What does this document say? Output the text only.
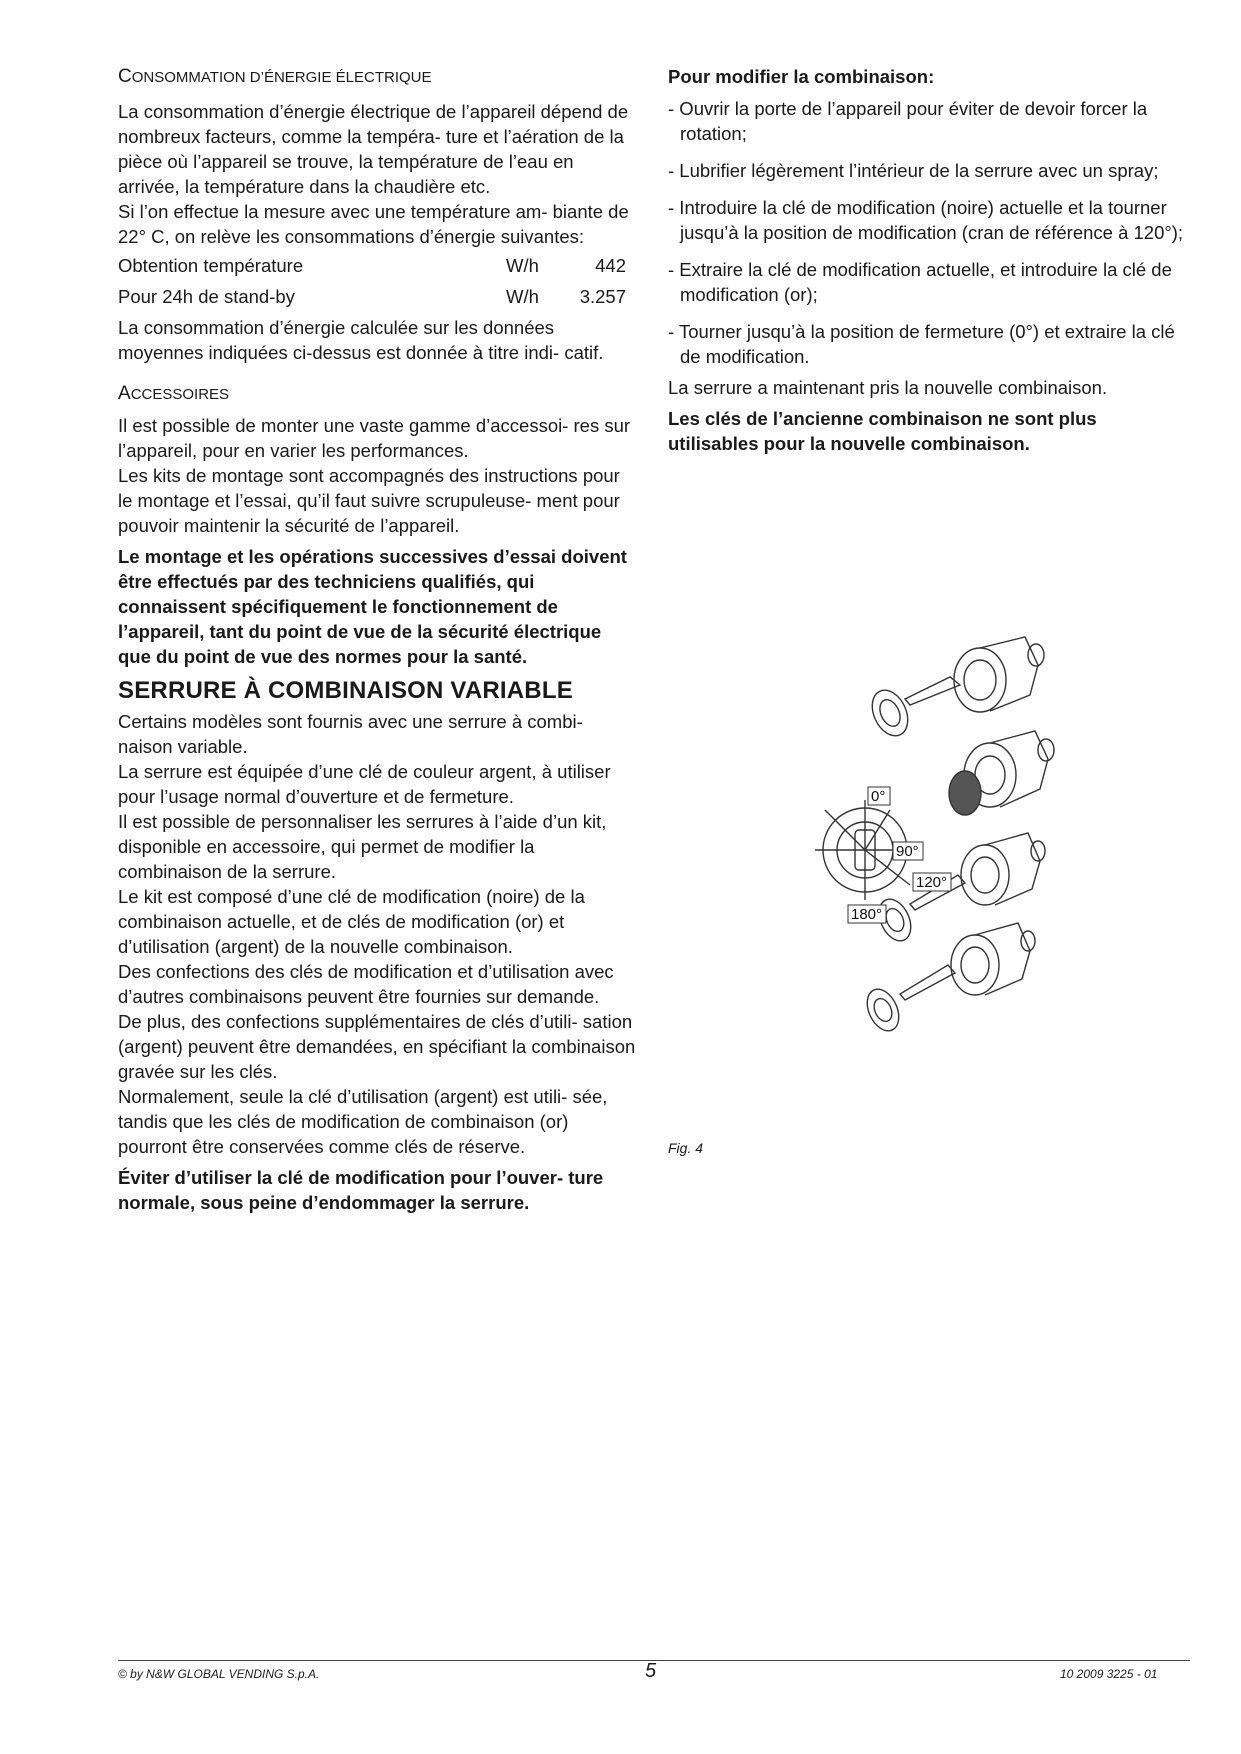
CONSOMMATION D’ÉNERGIE ÉLECTRIQUE

La consommation d’énergie électrique de l’appareil dépend de nombreux facteurs, comme la tempéra- ture et l’aération de la pièce où l’appareil se trouve, la température de l’eau en arrivée, la température dans la chaudière etc.

Si l’on effectue la mesure avec une température am- biante de 22° C, on relève les consommations d’énergie suivantes:

Obtention température	W/h	442
Pour 24h de stand-by	W/h	3.257

La consommation d’énergie calculée sur les données moyennes indiquées ci-dessus est donnée à titre indi- catif.

ACCESSOIRES

Il est possible de monter une vaste gamme d’accessoi- res sur l’appareil, pour en varier les performances.

Les kits de montage sont accompagnés des instructions pour le montage et l’essai, qu’il faut suivre scrupuleuse- ment pour pouvoir maintenir la sécurité de l’appareil.

Le montage et les opérations successives d’essai doivent être effectués par des techniciens qualifiés, qui connaissent spécifiquement le fonctionnement de l’appareil, tant du point de vue de la sécurité électrique que du point de vue des normes pour la santé.

SERRURE À COMBINAISON VARIABLE

Certains modèles sont fournis avec une serrure à combi- naison variable.

La serrure est équipée d’une clé de couleur argent, à utiliser pour l’usage normal d’ouverture et de fermeture.

Il est possible de personnaliser les serrures à l’aide d’un kit, disponible en accessoire, qui permet de modifier la combinaison de la serrure.

Le kit est composé d’une clé de modification (noire) de la combinaison actuelle, et de clés de modification (or) et d’utilisation (argent) de la nouvelle combinaison.

Des confections des clés de modification et d’utilisation avec d’autres combinaisons peuvent être fournies sur demande.

De plus, des confections supplémentaires de clés d’utili- sation (argent) peuvent être demandées, en spécifiant la combinaison gravée sur les clés.

Normalement, seule la clé d’utilisation (argent) est utili- sée, tandis que les clés de modification de combinaison (or) pourront être conservées comme clés de réserve.

Éviter d’utiliser la clé de modification pour l’ouver- ture normale, sous peine d’endommager la serrure.

Pour modifier la combinaison:
- Ouvrir la porte de l’appareil pour éviter de devoir forcer la rotation;
- Lubrifier légèrement l’intérieur de la serrure avec un spray;
- Introduire la clé de modification (noire) actuelle et la tourner jusqu’à la position de modification (cran de référence à 120°);
- Extraire la clé de modification actuelle, et introduire la clé de modification (or);
- Tourner jusqu’à la position de fermeture (0°) et extraire la clé de modification.

La serrure a maintenant pris la nouvelle combinaison.

Les clés de l’ancienne combinaison ne sont plus utilisables pour la nouvelle combinaison.

0°
90°
120°
180°
Fig. 4
© by N&W GLOBAL VENDING S.p.A.	5	10 2009 3225 - 01
